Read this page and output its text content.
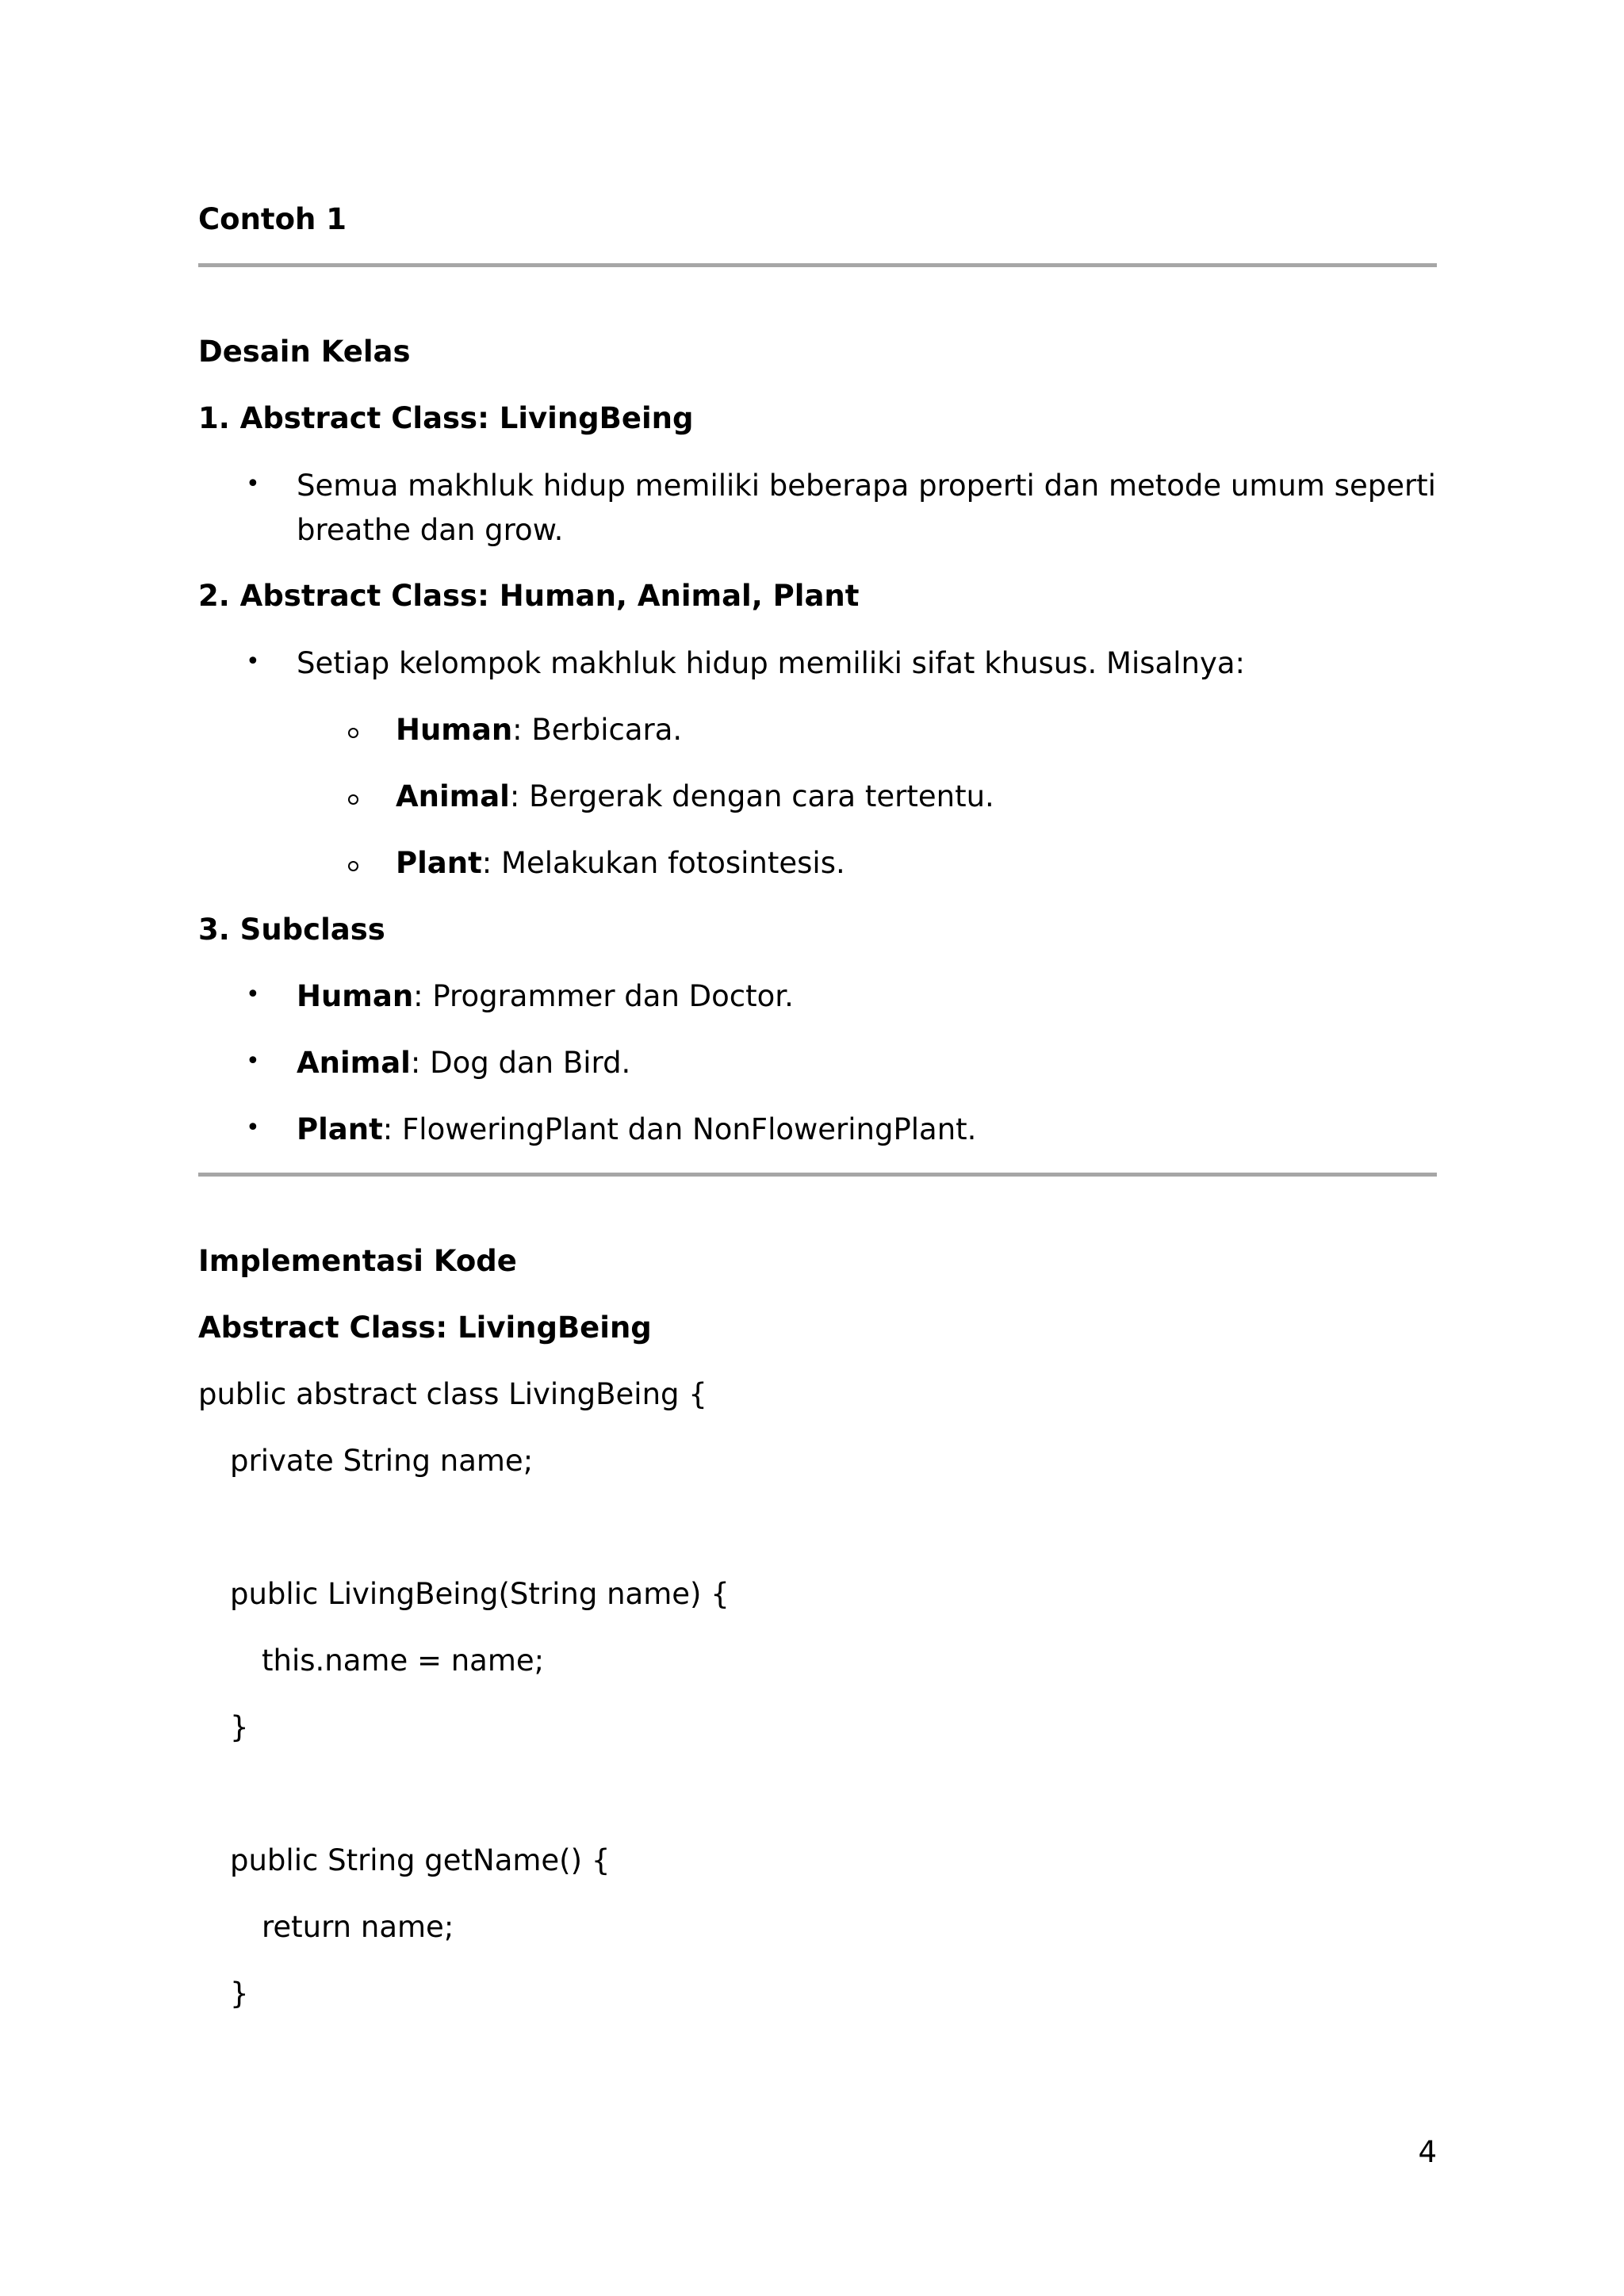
Contoh 1
Desain Kelas
1. Abstract Class: LivingBeing
• Semua makhluk hidup memiliki beberapa properti dan metode umum seperti breathe dan grow.
2. Abstract Class: Human, Animal, Plant
• Setiap kelompok makhluk hidup memiliki sifat khusus. Misalnya:
Human: Berbicara.
Animal: Bergerak dengan cara tertentu.
Plant: Melakukan fotosintesis.
3. Subclass
• Human: Programmer dan Doctor.
• Animal: Dog dan Bird.
• Plant: FloweringPlant dan NonFloweringPlant.
Implementasi Kode
Abstract Class: LivingBeing
public abstract class LivingBeing {
private String name;
public LivingBeing(String name) {
this.name = name;
}
public String getName() {
return name;
}
4
